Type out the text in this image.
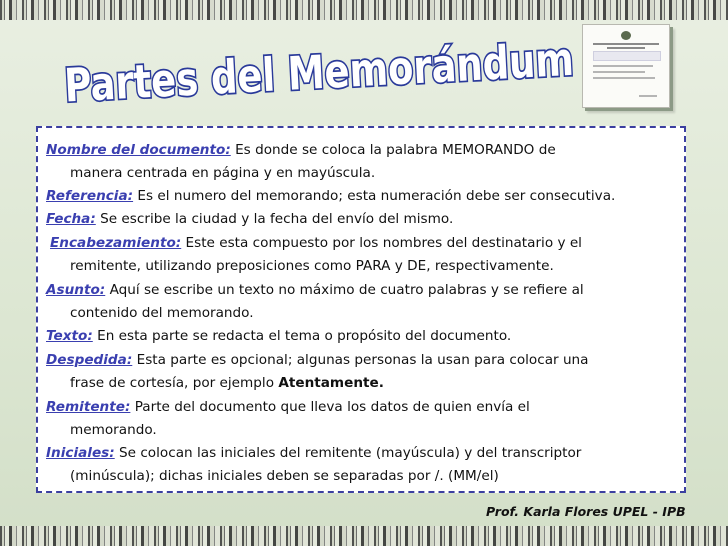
Partes del Memorándum
Nombre del documento: Es donde se coloca la palabra MEMORANDO de
manera centrada en página y en mayúscula.
Referencia: Es el numero del memorando; esta numeración debe ser consecutiva.
Fecha: Se escribe la ciudad y la fecha del envío del mismo.
Encabezamiento: Este esta compuesto por los nombres del destinatario y el
remitente, utilizando preposiciones como PARA y DE, respectivamente.
Asunto: Aquí se escribe un texto no máximo de cuatro palabras y se refiere al
contenido del memorando.
Texto: En esta parte se redacta el tema o propósito del documento.
Despedida: Esta parte es opcional; algunas personas la usan para colocar una
frase de cortesía, por ejemplo Atentamente.
Remitente: Parte del documento que lleva los datos de quien envía el
memorando.
Iniciales: Se colocan las iniciales del remitente (mayúscula) y del transcriptor
(minúscula); dichas iniciales deben se separadas por /. (MM/el)
Prof. Karla Flores UPEL - IPB
